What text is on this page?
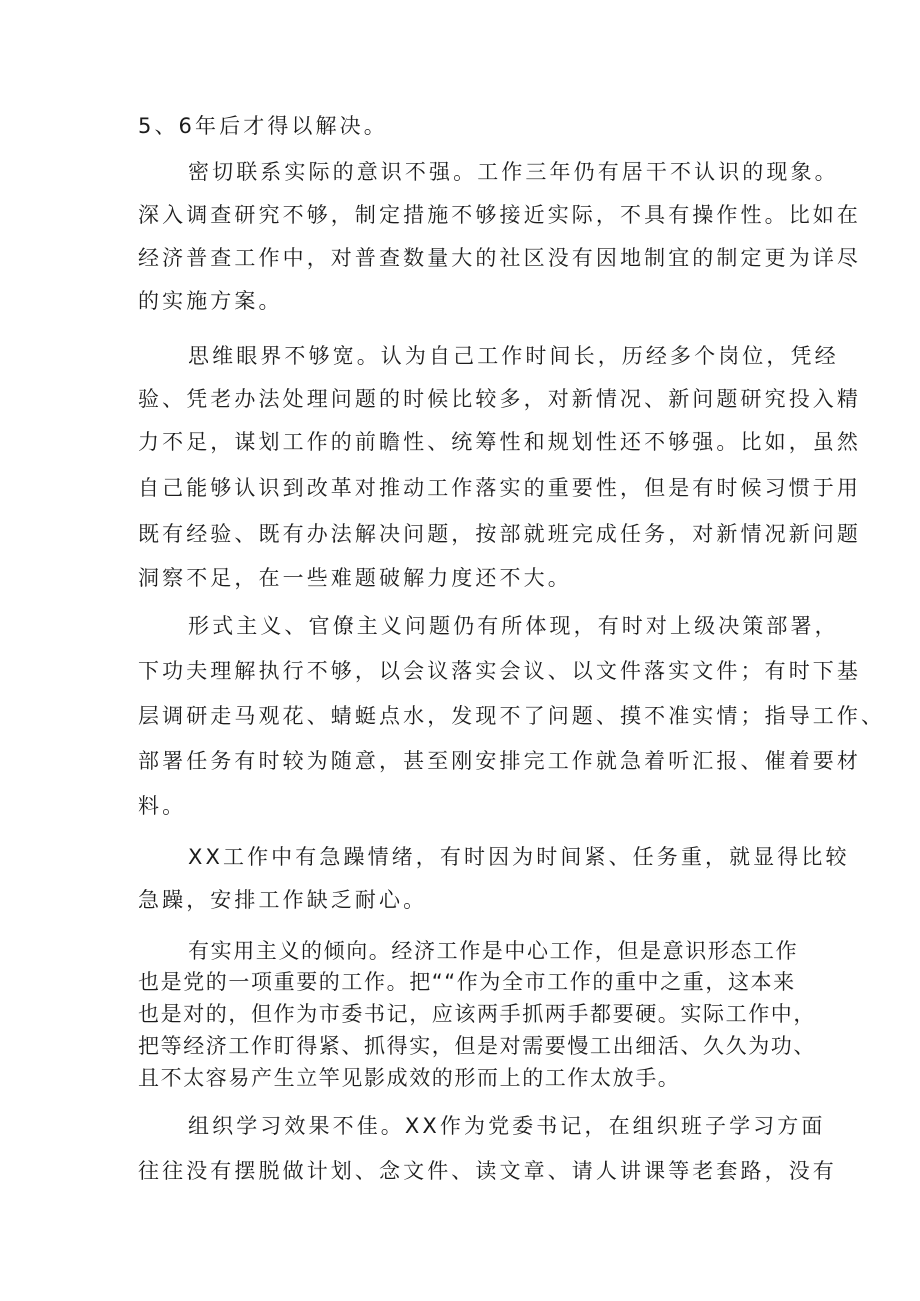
5、6年后才得以解决。

密切联系实际的意识不强。工作三年仍有居干不认识的现象。

深入调查研究不够，制定措施不够接近实际，不具有操作性。比如在

经济普查工作中，对普查数量大的社区没有因地制宜的制定更为详尽

的实施方案。

思维眼界不够宽。认为自己工作时间长，历经多个岗位，凭经

验、凭老办法处理问题的时候比较多，对新情况、新问题研究投入精

力不足，谋划工作的前瞻性、统筹性和规划性还不够强。比如，虽然

自己能够认识到改革对推动工作落实的重要性，但是有时候习惯于用

既有经验、既有办法解决问题，按部就班完成任务，对新情况新问题

洞察不足，在一些难题破解力度还不大。

形式主义、官僚主义问题仍有所体现，有时对上级决策部署，

下功夫理解执行不够，以会议落实会议、以文件落实文件；有时下基

层调研走马观花、蜻蜓点水，发现不了问题、摸不准实情；指导工作、

部署任务有时较为随意，甚至刚安排完工作就急着听汇报、催着要材

料。

XX工作中有急躁情绪，有时因为时间紧、任务重，就显得比较

急躁，安排工作缺乏耐心。

有实用主义的倾向。经济工作是中心工作，但是意识形态工作

也是党的一项重要的工作。把““作为全市工作的重中之重，这本来

也是对的，但作为市委书记，应该两手抓两手都要硬。实际工作中，

把等经济工作盯得紧、抓得实，但是对需要慢工出细活、久久为功、

且不太容易产生立竿见影成效的形而上的工作太放手。

组织学习效果不佳。XX作为党委书记，在组织班子学习方面

往往没有摆脱做计划、念文件、读文章、请人讲课等老套路，没有
